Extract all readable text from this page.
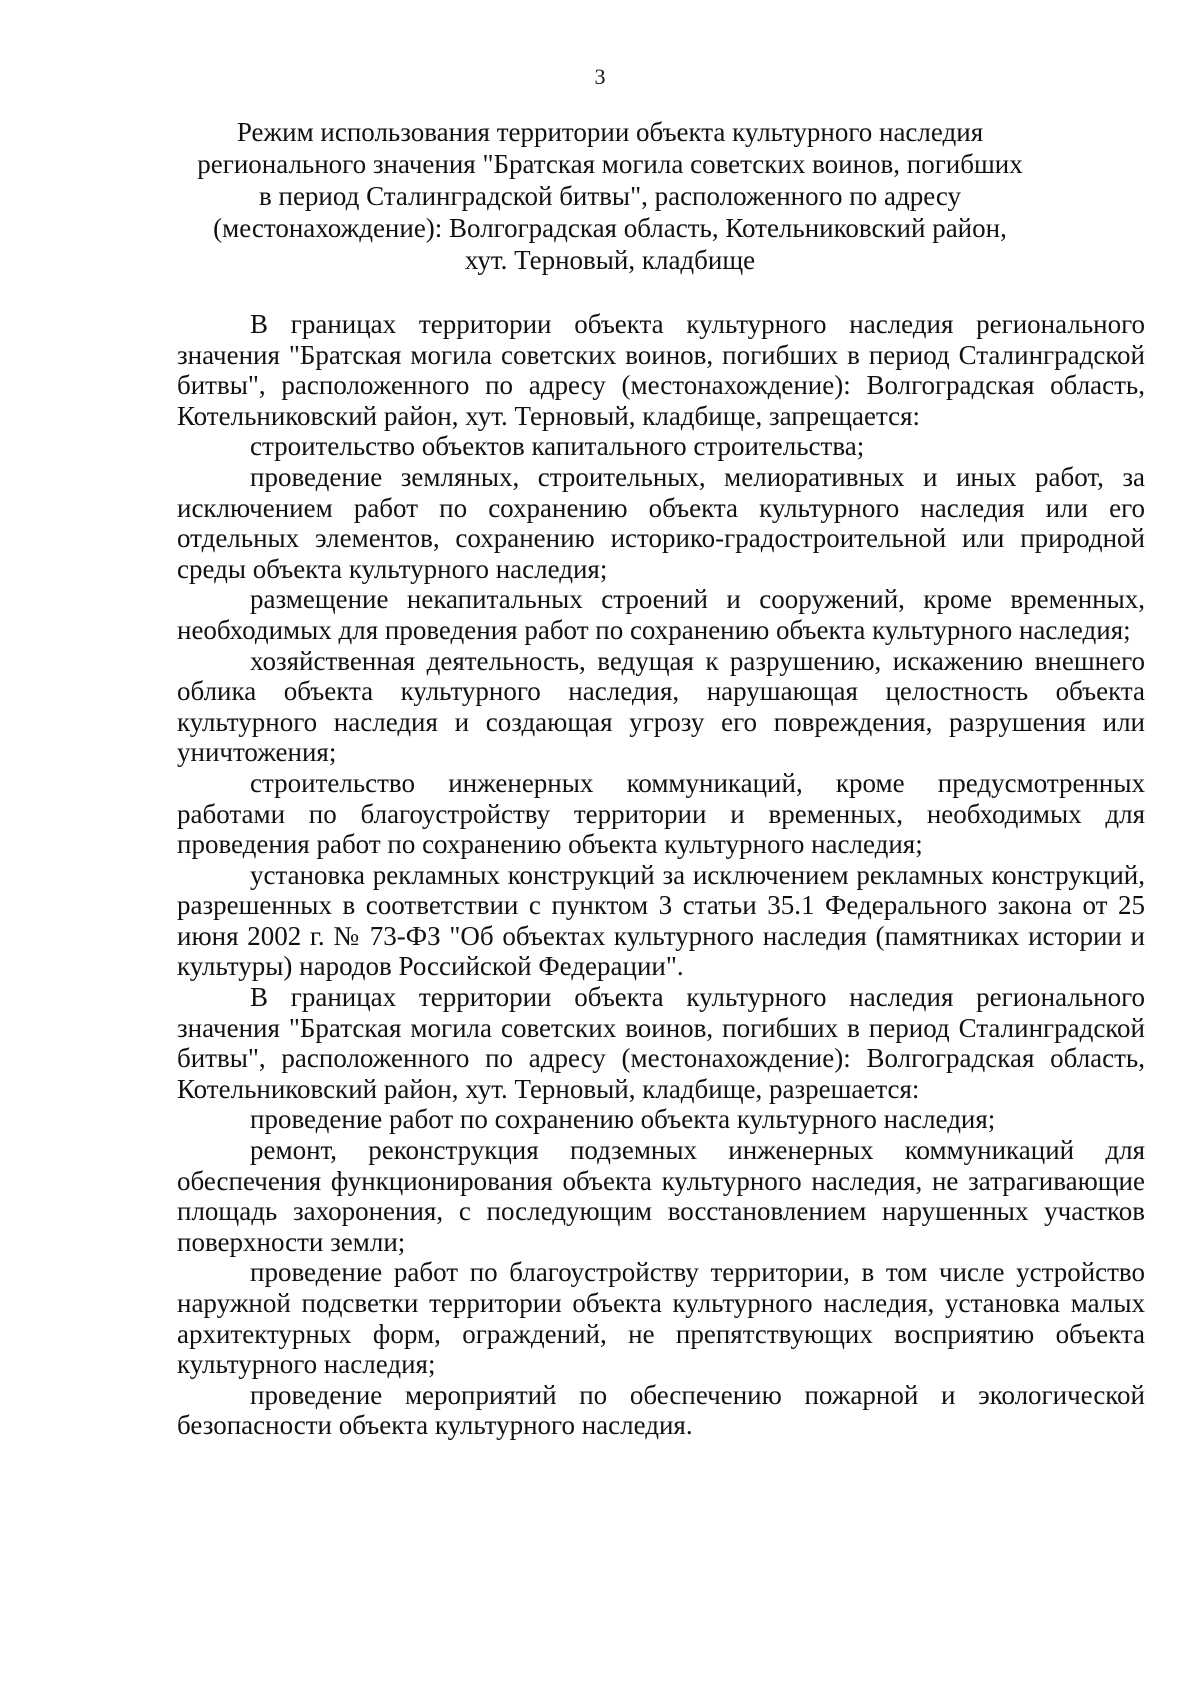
3
Режим использования территории объекта культурного наследия
регионального значения "Братская могила советских воинов, погибших
в период Сталинградской битвы", расположенного по адресу
(местонахождение): Волгоградская область, Котельниковский район,
хут. Терновый, кладбище

В границах территории объекта культурного наследия регионального значения "Братская могила советских воинов, погибших в период Сталинградской битвы", расположенного по адресу (местонахождение): Волгоградская область, Котельниковский район, хут. Терновый, кладбище, запрещается:

строительство объектов капитального строительства;

проведение земляных, строительных, мелиоративных и иных работ, за исключением работ по сохранению объекта культурного наследия или его отдельных элементов, сохранению историко-градостроительной или природной среды объекта культурного наследия;

размещение некапитальных строений и сооружений, кроме временных, необходимых для проведения работ по сохранению объекта культурного наследия;

хозяйственная деятельность, ведущая к разрушению, искажению внешнего облика объекта культурного наследия, нарушающая целостность объекта культурного наследия и создающая угрозу его повреждения, разрушения или уничтожения;

строительство инженерных коммуникаций, кроме предусмотренных работами по благоустройству территории и временных, необходимых для проведения работ по сохранению объекта культурного наследия;

установка рекламных конструкций за исключением рекламных конструкций, разрешенных в соответствии с пунктом 3 статьи 35.1 Федерального закона от 25 июня 2002 г. № 73-ФЗ "Об объектах культурного наследия (памятниках истории и культуры) народов Российской Федерации".

В границах территории объекта культурного наследия регионального значения "Братская могила советских воинов, погибших в период Сталинградской битвы", расположенного по адресу (местонахождение): Волгоградская область, Котельниковский район, хут. Терновый, кладбище, разрешается:

проведение работ по сохранению объекта культурного наследия;

ремонт, реконструкция подземных инженерных коммуникаций для обеспечения функционирования объекта культурного наследия, не затрагивающие площадь захоронения, с последующим восстановлением нарушенных участков поверхности земли;

проведение работ по благоустройству территории, в том числе устройство наружной подсветки территории объекта культурного наследия, установка малых архитектурных форм, ограждений, не препятствующих восприятию объекта культурного наследия;

проведение мероприятий по обеспечению пожарной и экологической безопасности объекта культурного наследия.
